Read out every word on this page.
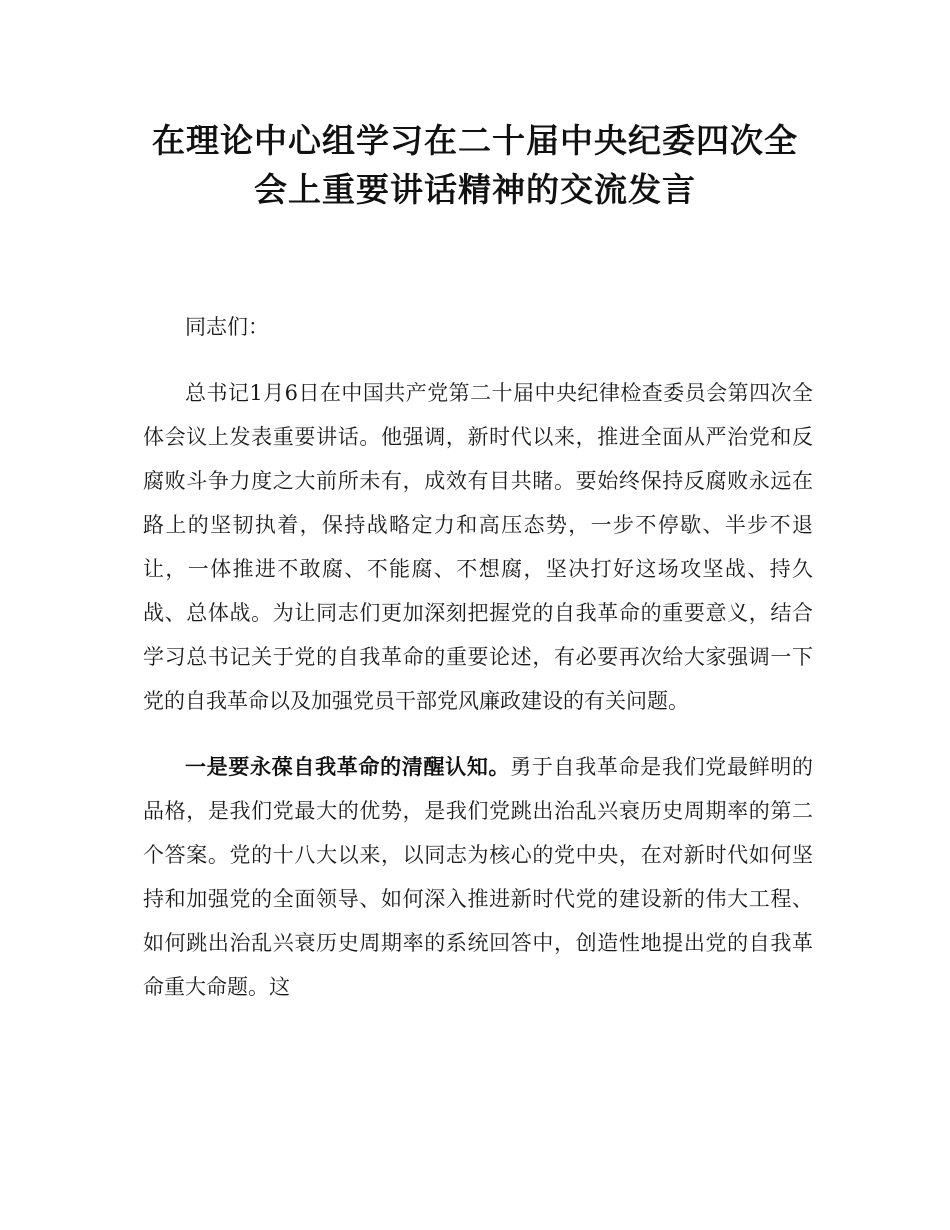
在理论中心组学习在二十届中央纪委四次全
会上重要讲话精神的交流发言

同志们：

总书记1月6日在中国共产党第二十届中央纪律检查委员会第四次全体会议上发表重要讲话。他强调，新时代以来，推进全面从严治党和反腐败斗争力度之大前所未有，成效有目共睹。要始终保持反腐败永远在路上的坚韧执着，保持战略定力和高压态势，一步不停歇、半步不退让，一体推进不敢腐、不能腐、不想腐，坚决打好这场攻坚战、持久战、总体战。为让同志们更加深刻把握党的自我革命的重要意义，结合学习总书记关于党的自我革命的重要论述，有必要再次给大家强调一下党的自我革命以及加强党员干部党风廉政建设的有关问题。

一是要永葆自我革命的清醒认知。勇于自我革命是我们党最鲜明的品格，是我们党最大的优势，是我们党跳出治乱兴衰历史周期率的第二个答案。党的十八大以来，以同志为核心的党中央，在对新时代如何坚持和加强党的全面领导、如何深入推进新时代党的建设新的伟大工程、如何跳出治乱兴衰历史周期率的系统回答中，创造性地提出党的自我革命重大命题。这
